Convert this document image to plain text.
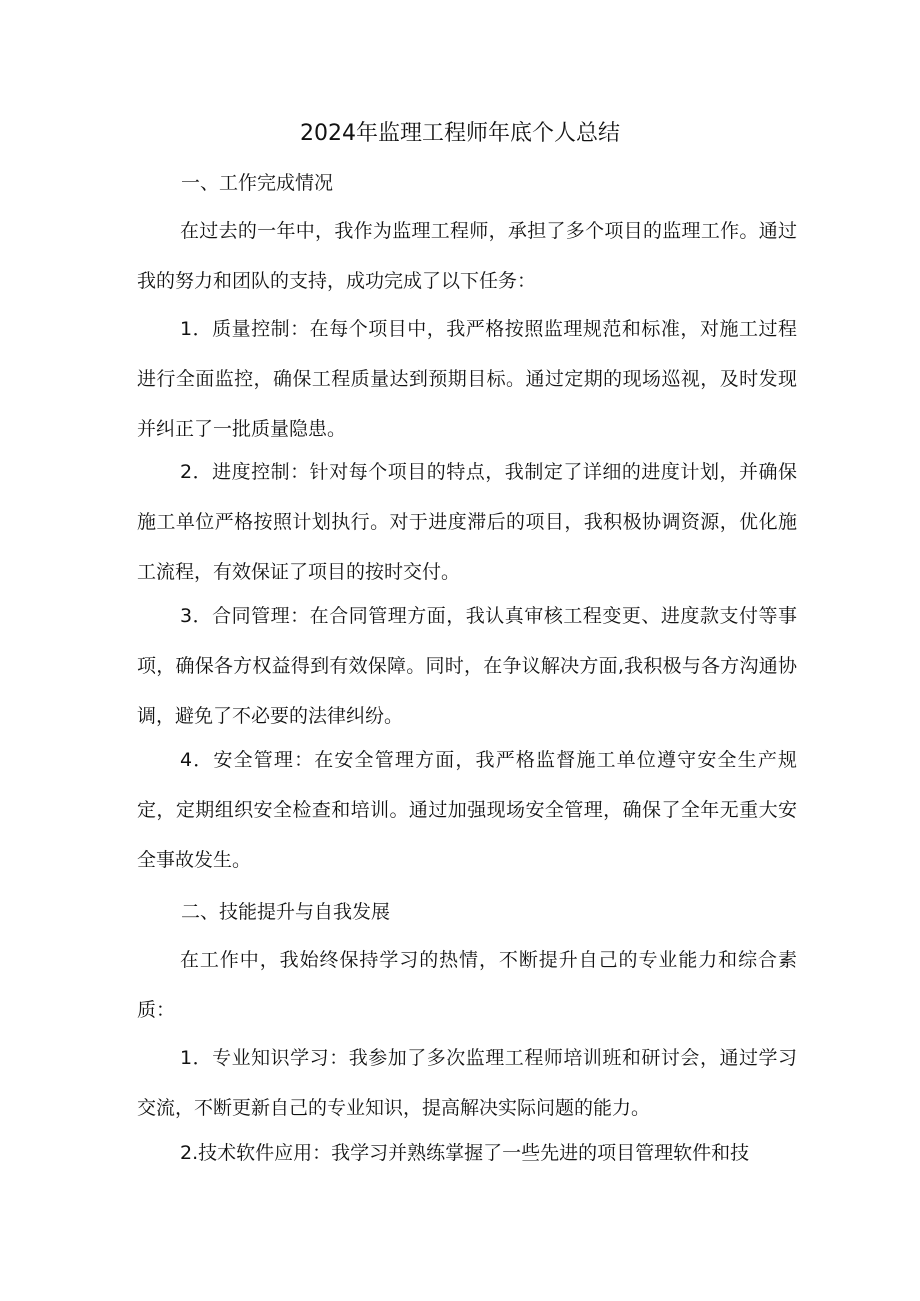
2024年监理工程师年底个人总结
一、工作完成情况

在过去的一年中，我作为监理工程师，承担了多个项目的监理工作。通过我的努力和团队的支持，成功完成了以下任务：

1．质量控制：在每个项目中，我严格按照监理规范和标准，对施工过程进行全面监控，确保工程质量达到预期目标。通过定期的现场巡视，及时发现并纠正了一批质量隐患。

2．进度控制：针对每个项目的特点，我制定了详细的进度计划，并确保施工单位严格按照计划执行。对于进度滞后的项目，我积极协调资源，优化施工流程，有效保证了项目的按时交付。

3．合同管理：在合同管理方面，我认真审核工程变更、进度款支付等事项，确保各方权益得到有效保障。同时，在争议解决方面,我积极与各方沟通协调，避免了不必要的法律纠纷。

4．安全管理：在安全管理方面，我严格监督施工单位遵守安全生产规定，定期组织安全检查和培训。通过加强现场安全管理，确保了全年无重大安全事故发生。

二、技能提升与自我发展

在工作中，我始终保持学习的热情，不断提升自己的专业能力和综合素质：

1．专业知识学习：我参加了多次监理工程师培训班和研讨会，通过学习交流，不断更新自己的专业知识，提高解决实际问题的能力。

2.技术软件应用：我学习并熟练掌握了一些先进的项目管理软件和技
